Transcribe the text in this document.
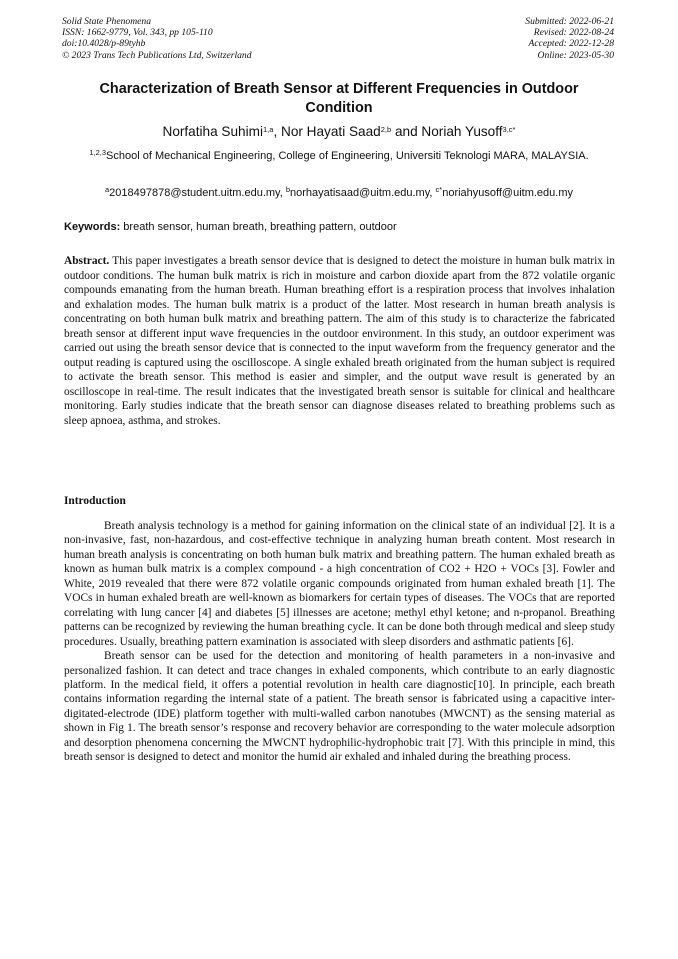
Solid State Phenomena
ISSN: 1662-9779, Vol. 343, pp 105-110
doi:10.4028/p-89tyhb
© 2023 Trans Tech Publications Ltd, Switzerland
Submitted: 2022-06-21
Revised: 2022-08-24
Accepted: 2022-12-28
Online: 2023-05-30
Characterization of Breath Sensor at Different Frequencies in Outdoor Condition
Norfatiha Suhimi$^{1,a}$, Nor Hayati Saad$^{2,b}$ and Noriah Yusoff$^{3,c*}$
$^{1,2,3}$School of Mechanical Engineering, College of Engineering, Universiti Teknologi MARA, MALAYSIA.
$^a$2018497878@student.uitm.edu.my, $^b$norhayatisaad@uitm.edu.my, $^{c*}$noriahyusoff@uitm.edu.my
Keywords: breath sensor, human breath, breathing pattern, outdoor

Abstract. This paper investigates a breath sensor device that is designed to detect the moisture in human bulk matrix in outdoor conditions. The human bulk matrix is rich in moisture and carbon dioxide apart from the 872 volatile organic compounds emanating from the human breath. Human breathing effort is a respiration process that involves inhalation and exhalation modes. The human bulk matrix is a product of the latter. Most research in human breath analysis is concentrating on both human bulk matrix and breathing pattern. The aim of this study is to characterize the fabricated breath sensor at different input wave frequencies in the outdoor environment. In this study, an outdoor experiment was carried out using the breath sensor device that is connected to the input waveform from the frequency generator and the output reading is captured using the oscilloscope. A single exhaled breath originated from the human subject is required to activate the breath sensor. This method is easier and simpler, and the output wave result is generated by an oscilloscope in real-time. The result indicates that the investigated breath sensor is suitable for clinical and healthcare monitoring. Early studies indicate that the breath sensor can diagnose diseases related to breathing problems such as sleep apnoea, asthma, and strokes.

Introduction

Breath analysis technology is a method for gaining information on the clinical state of an individual [2]. It is a non-invasive, fast, non-hazardous, and cost-effective technique in analyzing human breath content. Most research in human breath analysis is concentrating on both human bulk matrix and breathing pattern. The human exhaled breath as known as human bulk matrix is a complex compound - a high concentration of CO2 + H2O + VOCs [3]. Fowler and White, 2019 revealed that there were 872 volatile organic compounds originated from human exhaled breath [1]. The VOCs in human exhaled breath are well-known as biomarkers for certain types of diseases. The VOCs that are reported correlating with lung cancer [4] and diabetes [5] illnesses are acetone; methyl ethyl ketone; and n-propanol. Breathing patterns can be recognized by reviewing the human breathing cycle. It can be done both through medical and sleep study procedures. Usually, breathing pattern examination is associated with sleep disorders and asthmatic patients [6].

Breath sensor can be used for the detection and monitoring of health parameters in a non-invasive and personalized fashion. It can detect and trace changes in exhaled components, which contribute to an early diagnostic platform. In the medical field, it offers a potential revolution in health care diagnostic[10]. In principle, each breath contains information regarding the internal state of a patient. The breath sensor is fabricated using a capacitive inter-digitated-electrode (IDE) platform together with multi-walled carbon nanotubes (MWCNT) as the sensing material as shown in Fig 1. The breath sensor’s response and recovery behavior are corresponding to the water molecule adsorption and desorption phenomena concerning the MWCNT hydrophilic-hydrophobic trait [7]. With this principle in mind, this breath sensor is designed to detect and monitor the humid air exhaled and inhaled during the breathing process.
